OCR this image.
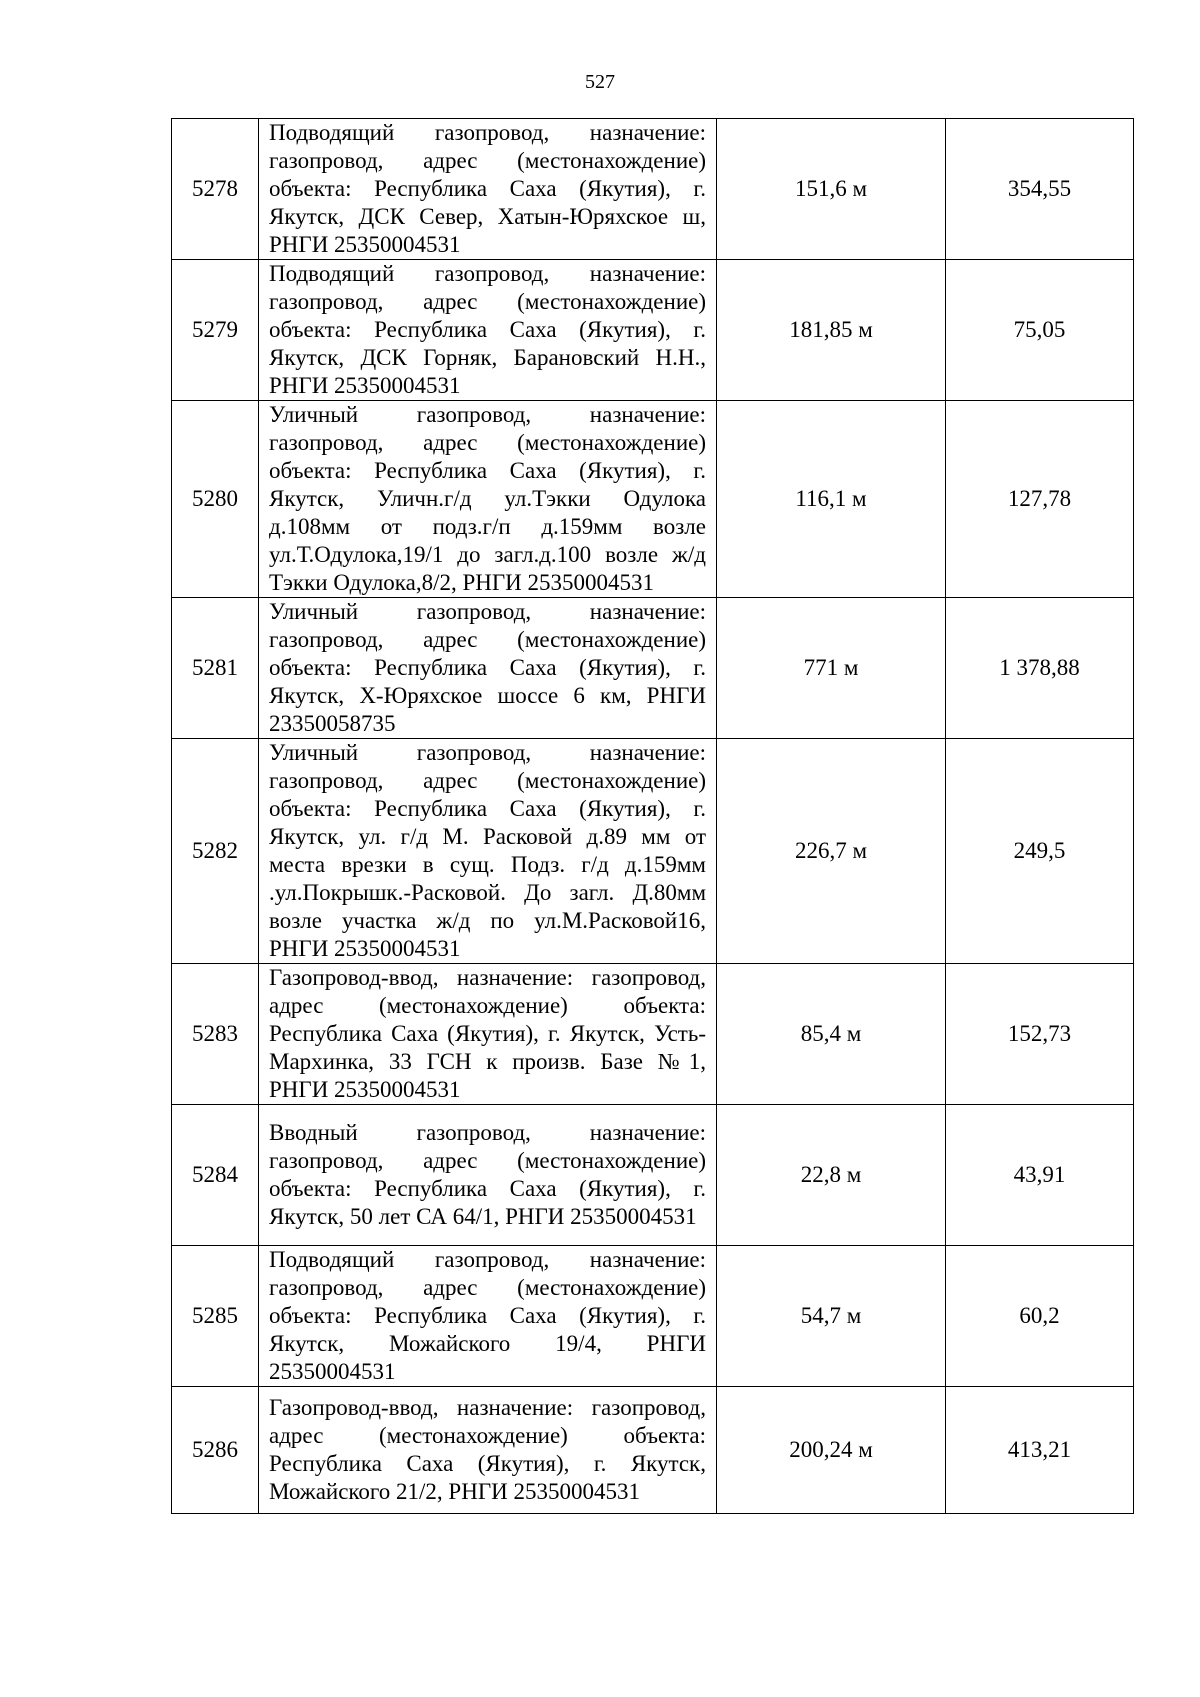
527
5278	Подводящий газопровод, назначение: газопровод, адрес (местонахождение) объекта: Республика Саха (Якутия), г. Якутск, ДСК Север, Хатын-Юряхское ш, РНГИ 25350004531	151,6 м	354,55
5279	Подводящий газопровод, назначение: газопровод, адрес (местонахождение) объекта: Республика Саха (Якутия), г. Якутск, ДСК Горняк, Барановский Н.Н., РНГИ 25350004531	181,85 м	75,05
5280	Уличный газопровод, назначение: газопровод, адрес (местонахождение) объекта: Республика Саха (Якутия), г. Якутск, Уличн.г/д ул.Тэкки Одулока д.108мм от подз.г/п д.159мм возле ул.Т.Одулока,19/1 до загл.д.100 возле ж/д Тэкки Одулока,8/2, РНГИ 25350004531	116,1 м	127,78
5281	Уличный газопровод, назначение: газопровод, адрес (местонахождение) объекта: Республика Саха (Якутия), г. Якутск, Х-Юряхское шоссе 6 км, РНГИ 23350058735	771 м	1 378,88
5282	Уличный газопровод, назначение: газопровод, адрес (местонахождение) объекта: Республика Саха (Якутия), г. Якутск, ул. г/д М. Расковой д.89 мм от места врезки в сущ. Подз. г/д д.159мм .ул.Покрышк.-Расковой. До загл. Д.80мм возле участка ж/д по ул.М.Расковой16, РНГИ 25350004531	226,7 м	249,5
5283	Газопровод-ввод, назначение: газопровод, адрес (местонахождение) объекта: Республика Саха (Якутия), г. Якутск, Усть-Мархинка, 33 ГСН к произв. Базе №1, РНГИ 25350004531	85,4 м	152,73
5284	Вводный газопровод, назначение: газопровод, адрес (местонахождение) объекта: Республика Саха (Якутия), г. Якутск, 50 лет СА 64/1, РНГИ 25350004531	22,8 м	43,91
5285	Подводящий газопровод, назначение: газопровод, адрес (местонахождение) объекта: Республика Саха (Якутия), г. Якутск, Можайского 19/4, РНГИ 25350004531	54,7 м	60,2
5286	Газопровод-ввод, назначение: газопровод, адрес (местонахождение) объекта: Республика Саха (Якутия), г. Якутск, Можайского 21/2, РНГИ 25350004531	200,24 м	413,21
